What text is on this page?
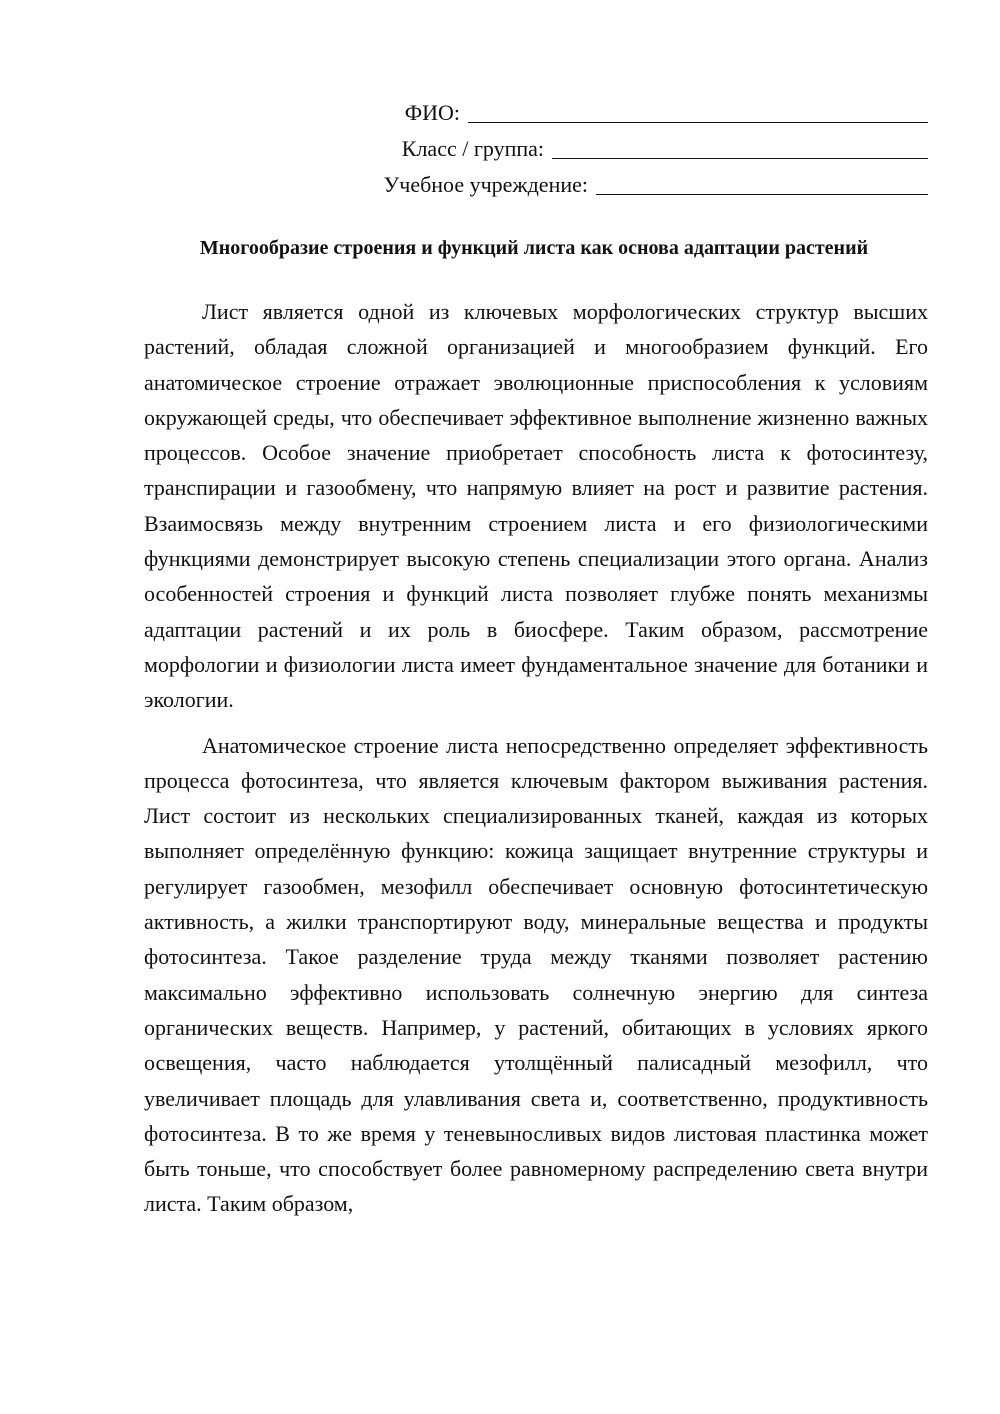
ФИО:
Класс / группа:
Учебное учреждение:
Многообразие строения и функций листа как основа адаптации растений

Лист является одной из ключевых морфологических структур высших растений, обладая сложной организацией и многообразием функций. Его анатомическое строение отражает эволюционные приспособления к условиям окружающей среды, что обеспечивает эффективное выполнение жизненно важных процессов. Особое значение приобретает способность листа к фотосинтезу, транспирации и газообмену, что напрямую влияет на рост и развитие растения. Взаимосвязь между внутренним строением листа и его физиологическими функциями демонстрирует высокую степень специализации этого органа. Анализ особенностей строения и функций листа позволяет глубже понять механизмы адаптации растений и их роль в биосфере. Таким образом, рассмотрение морфологии и физиологии листа имеет фундаментальное значение для ботаники и экологии.

Анатомическое строение листа непосредственно определяет эффективность процесса фотосинтеза, что является ключевым фактором выживания растения. Лист состоит из нескольких специализированных тканей, каждая из которых выполняет определённую функцию: кожица защищает внутренние структуры и регулирует газообмен, мезофилл обеспечивает основную фотосинтетическую активность, а жилки транспортируют воду, минеральные вещества и продукты фотосинтеза. Такое разделение труда между тканями позволяет растению максимально эффективно использовать солнечную энергию для синтеза органических веществ. Например, у растений, обитающих в условиях яркого освещения, часто наблюдается утолщённый палисадный мезофилл, что увеличивает площадь для улавливания света и, соответственно, продуктивность фотосинтеза. В то же время у теневыносливых видов листовая пластинка может быть тоньше, что способствует более равномерному распределению света внутри листа. Таким образом,
